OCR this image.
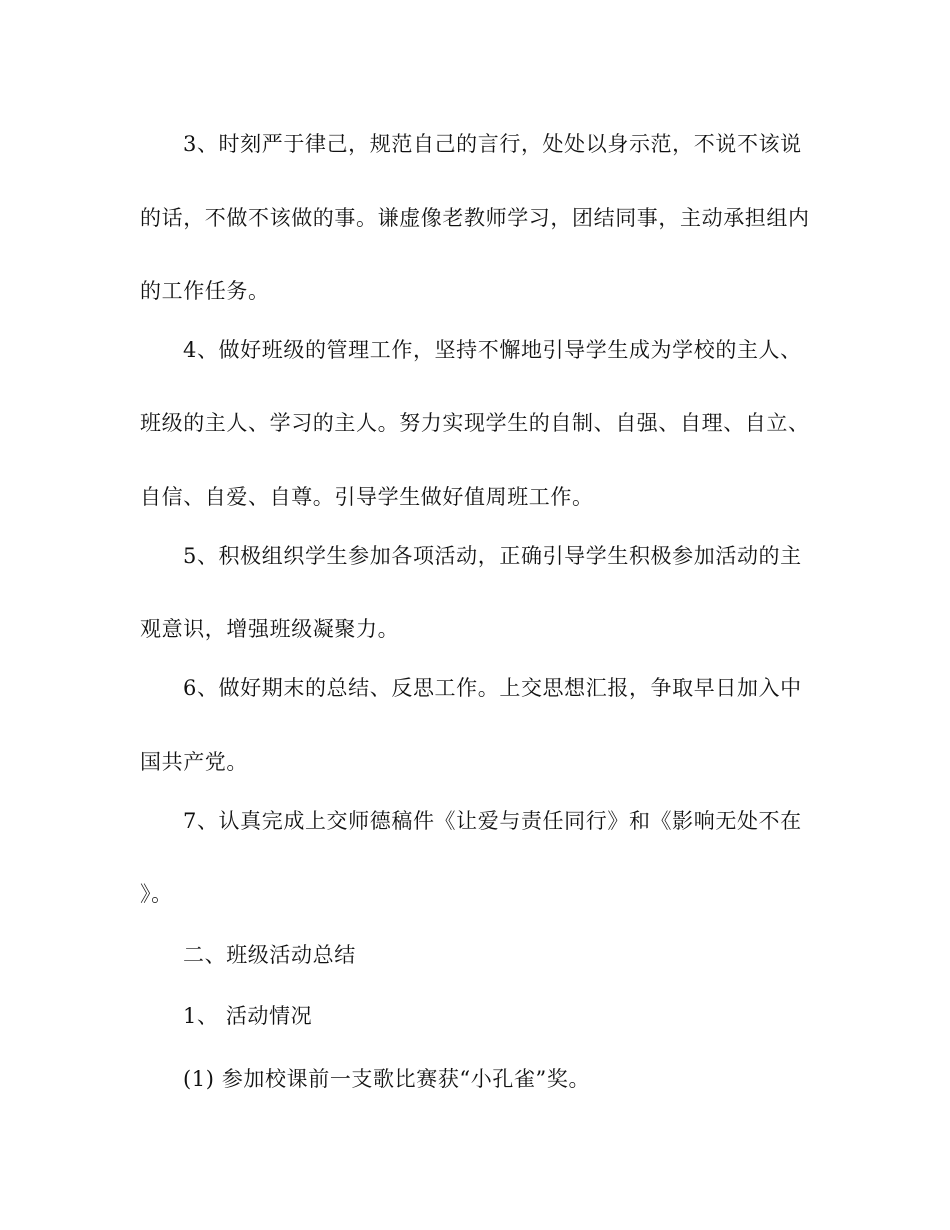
3、时刻严于律己，规范自己的言行，处处以身示范，不说不该说
的话，不做不该做的事。谦虚像老教师学习，团结同事，主动承担组内
的工作任务。
4、做好班级的管理工作，坚持不懈地引导学生成为学校的主人、
班级的主人、学习的主人。努力实现学生的自制、自强、自理、自立、
自信、自爱、自尊。引导学生做好值周班工作。
5、积极组织学生参加各项活动，正确引导学生积极参加活动的主
观意识，增强班级凝聚力。
6、做好期末的总结、反思工作。上交思想汇报，争取早日加入中
国共产党。
7、认真完成上交师德稿件《让爱与责任同行》和《影响无处不在
》。
二、班级活动总结
1、 活动情况
(1) 参加校课前一支歌比赛获“小孔雀”奖。
